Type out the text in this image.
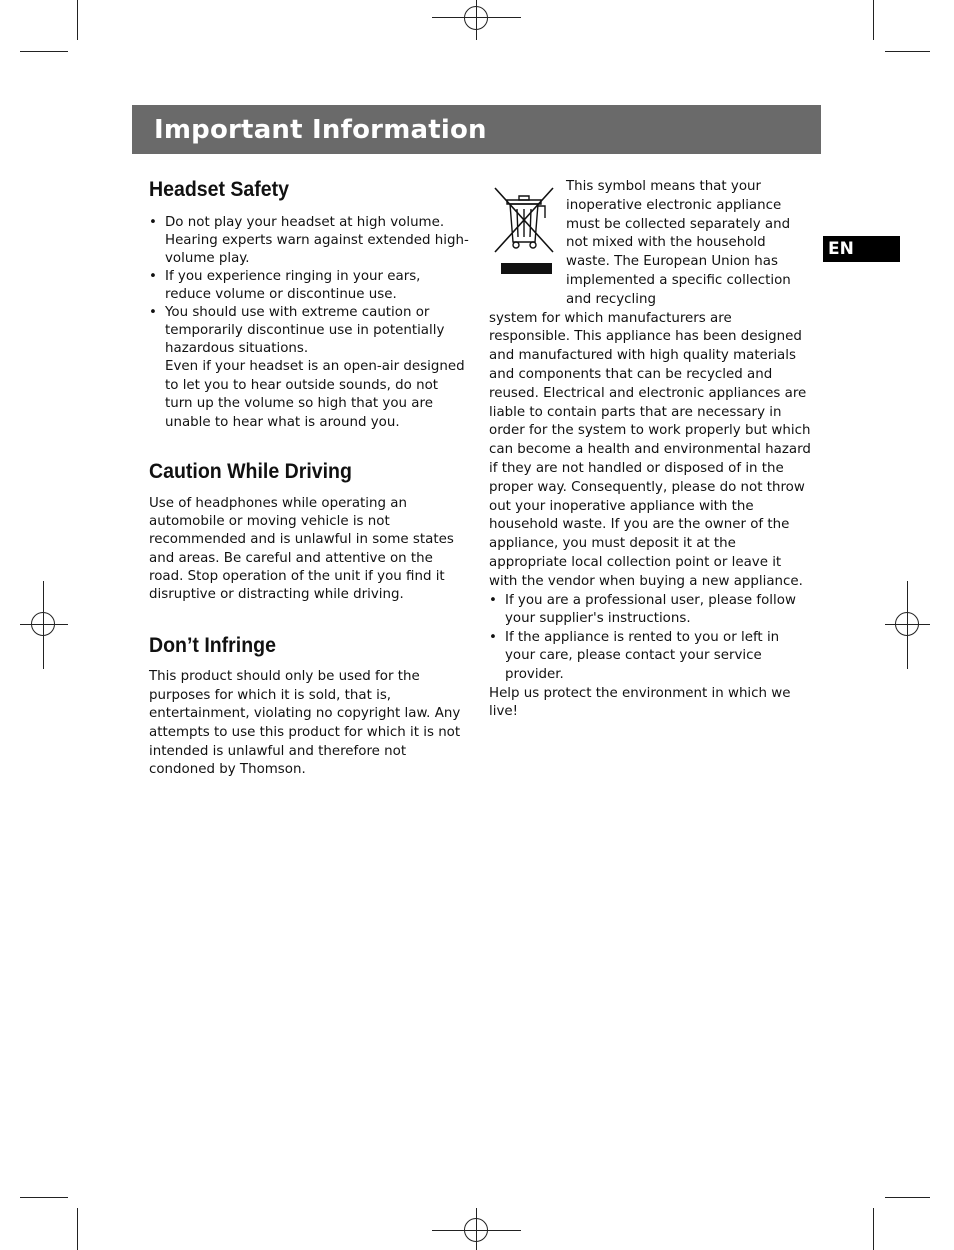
Important Information
EN
Headset Safety
• Do not play your headset at high volume. Hearing experts warn against extended high-volume play.
• If you experience ringing in your ears, reduce volume or discontinue use.
• You should use with extreme caution or temporarily discontinue use in potentially hazardous situations.

Even if your headset is an open-air designed to let you to hear outside sounds, do not turn up the volume so high that you are unable to hear what is around you.

Caution While Driving

Use of headphones while operating an automobile or moving vehicle is not recommended and is unlawful in some states and areas. Be careful and attentive on the road. Stop operation of the unit if you find it disruptive or distracting while driving.

Don’t Infringe

This product should only be used for the purposes for which it is sold, that is, entertainment, violating no copyright law. Any attempts to use this product for which it is not intended is unlawful and therefore not condoned by Thomson.

This symbol means that your inoperative electronic appliance must be collected separately and not mixed with the household waste. The European Union has implemented a specific collection and recycling

system for which manufacturers are responsible. This appliance has been designed and manufactured with high quality materials and components that can be recycled and reused. Electrical and electronic appliances are liable to contain parts that are necessary in order for the system to work properly but which can become a health and environmental hazard if they are not handled or disposed of in the proper way. Consequently, please do not throw out your inoperative appliance with the household waste. If you are the owner of the appliance, you must deposit it at the appropriate local collection point or leave it with the vendor when buying a new appliance.

• If you are a professional user, please follow your supplier's instructions.
• If the appliance is rented to you or left in your care, please contact your service provider.

Help us protect the environment in which we live!
